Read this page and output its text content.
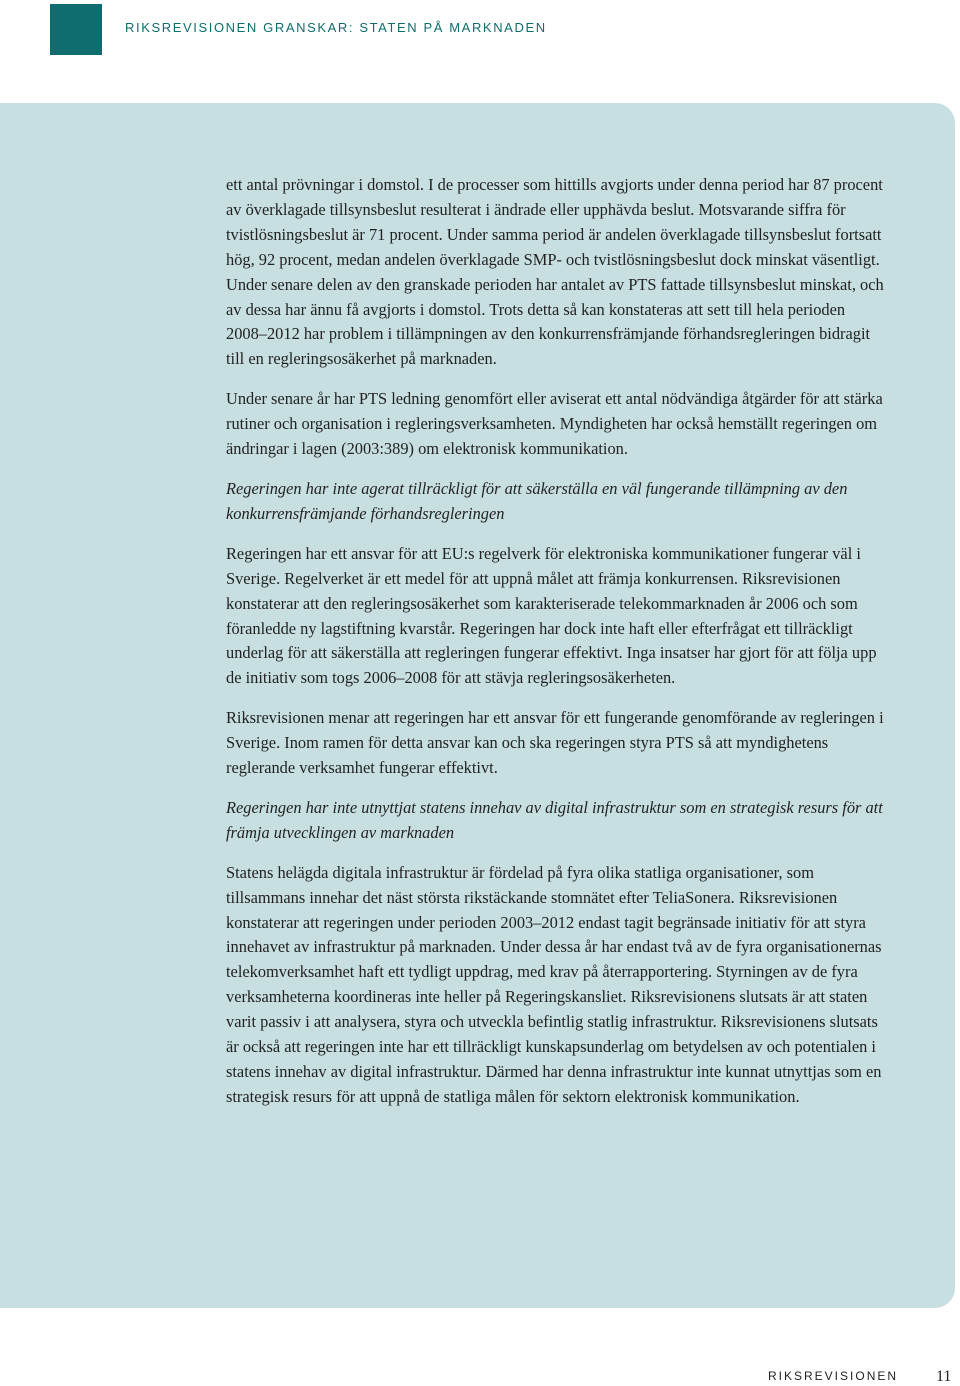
RIKSREVISIONEN GRANSKAR: STATEN PÅ MARKNADEN

ett antal prövningar i domstol. I de processer som hittills avgjorts under denna period har 87 procent av överklagade tillsynsbeslut resulterat i ändrade eller upphävda beslut. Motsvarande siffra för tvistlösningsbeslut är 71 procent. Under samma period är andelen överklagade tillsynsbeslut fortsatt hög, 92 procent, medan andelen överklagade SMP- och tvistlösningsbeslut dock minskat väsentligt. Under senare delen av den granskade perioden har antalet av PTS fattade tillsynsbeslut minskat, och av dessa har ännu få avgjorts i domstol. Trots detta så kan konstateras att sett till hela perioden 2008–2012 har problem i tillämpningen av den konkurrensfrämjande förhandsregleringen bidragit till en regleringsosäkerhet på marknaden.

Under senare år har PTS ledning genomfört eller aviserat ett antal nödvändiga åtgärder för att stärka rutiner och organisation i regleringsverksamheten. Myndigheten har också hemställt regeringen om ändringar i lagen (2003:389) om elektronisk kommunikation.

Regeringen har inte agerat tillräckligt för att säkerställa en väl fungerande tillämpning av den konkurrensfrämjande förhandsregleringen

Regeringen har ett ansvar för att EU:s regelverk för elektroniska kommunikationer fungerar väl i Sverige. Regelverket är ett medel för att uppnå målet att främja konkurrensen. Riksrevisionen konstaterar att den regleringsosäkerhet som karakteriserade telekommarknaden år 2006 och som föranledde ny lagstiftning kvarstår. Regeringen har dock inte haft eller efterfrågat ett tillräckligt underlag för att säkerställa att regleringen fungerar effektivt. Inga insatser har gjort för att följa upp de initiativ som togs 2006–2008 för att stävja regleringsosäkerheten.

Riksrevisionen menar att regeringen har ett ansvar för ett fungerande genomförande av regleringen i Sverige. Inom ramen för detta ansvar kan och ska regeringen styra PTS så att myndighetens reglerande verksamhet fungerar effektivt.

Regeringen har inte utnyttjat statens innehav av digital infrastruktur som en strategisk resurs för att främja utvecklingen av marknaden

Statens helägda digitala infrastruktur är fördelad på fyra olika statliga organisationer, som tillsammans innehar det näst största rikstäckande stomnätet efter TeliaSonera. Riksrevisionen konstaterar att regeringen under perioden 2003–2012 endast tagit begränsade initiativ för att styra innehavet av infrastruktur på marknaden. Under dessa år har endast två av de fyra organisationernas telekomverksamhet haft ett tydligt uppdrag, med krav på återrapportering. Styrningen av de fyra verksamheterna koordineras inte heller på Regeringskansliet. Riksrevisionens slutsats är att staten varit passiv i att analysera, styra och utveckla befintlig statlig infrastruktur. Riksrevisionens slutsats är också att regeringen inte har ett tillräckligt kunskapsunderlag om betydelsen av och potentialen i statens innehav av digital infrastruktur. Därmed har denna infrastruktur inte kunnat utnyttjas som en strategisk resurs för att uppnå de statliga målen för sektorn elektronisk kommunikation.

RIKSREVISIONEN 11
